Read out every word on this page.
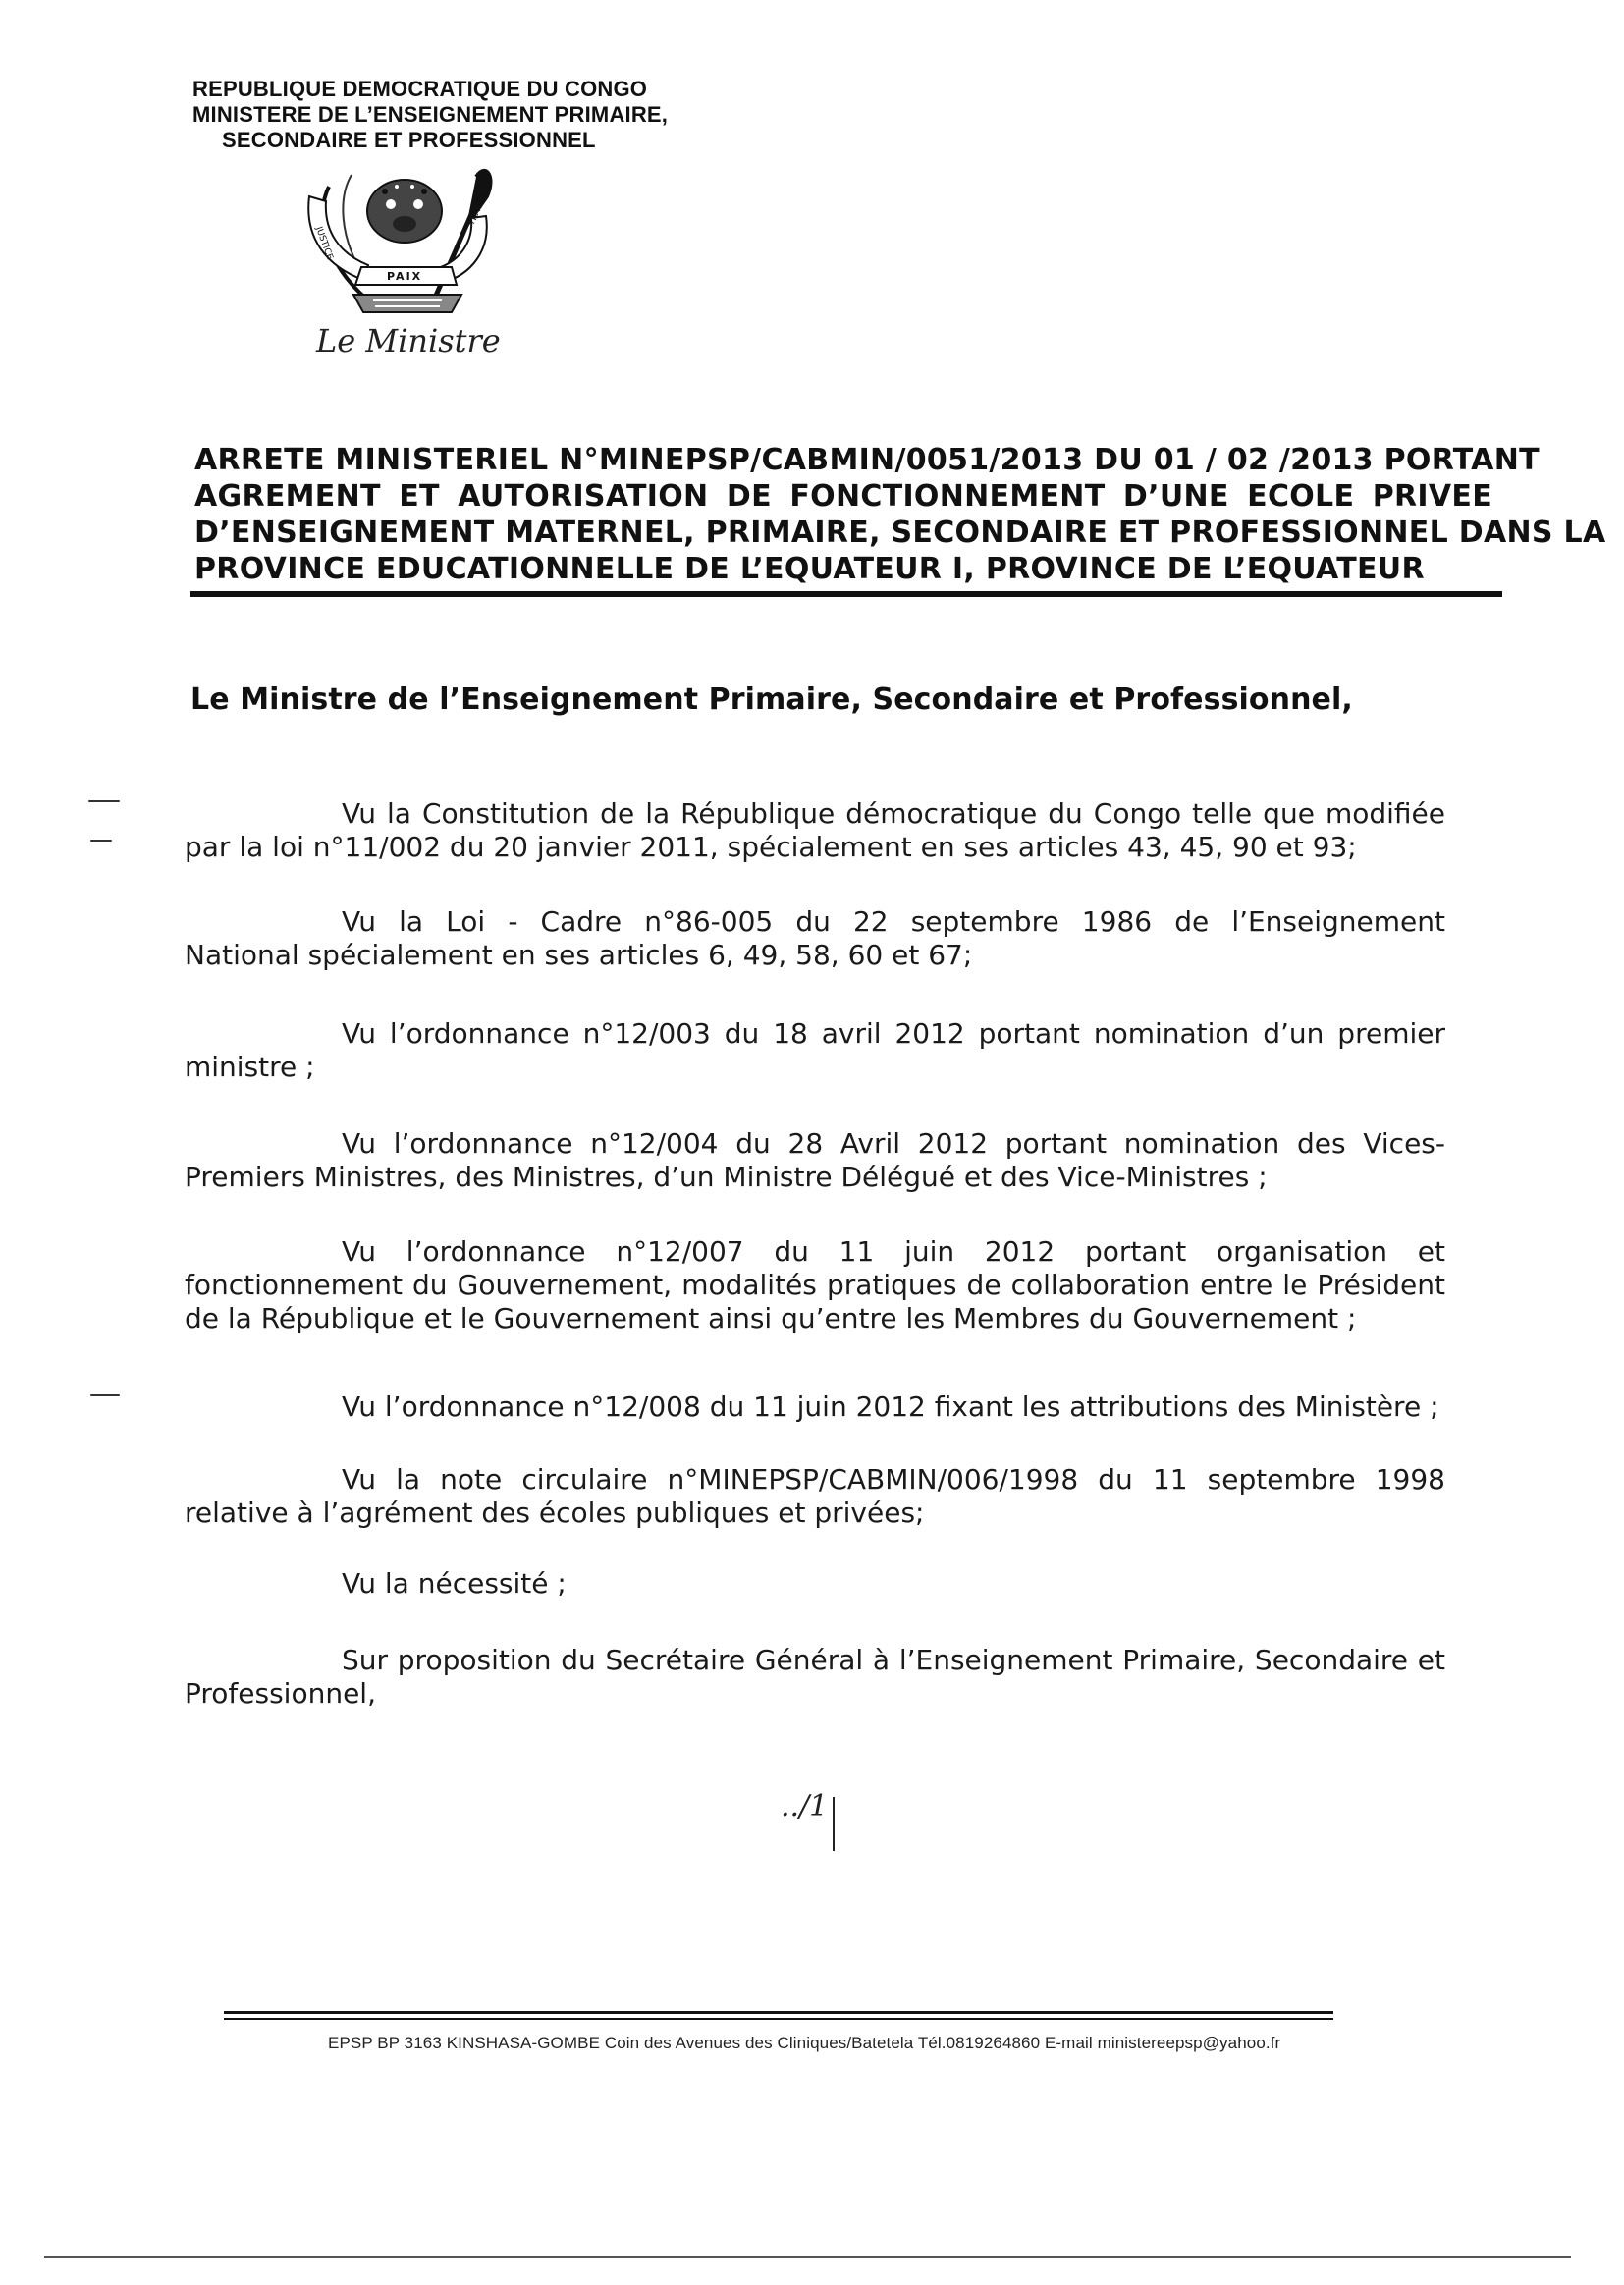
REPUBLIQUE DEMOCRATIQUE DU CONGO
MINISTERE DE L’ENSEIGNEMENT PRIMAIRE,
SECONDAIRE ET PROFESSIONNEL
JUSTICE
PAIX
TRAVAIL
Le Ministre
ARRETE MINISTERIEL N°MINEPSP/CABMIN/0051/2013 DU 01 / 02 /2013 PORTANT
AGREMENT ET AUTORISATION DE FONCTIONNEMENT D’UNE ECOLE PRIVEE
D’ENSEIGNEMENT MATERNEL, PRIMAIRE, SECONDAIRE ET PROFESSIONNEL DANS LA
PROVINCE EDUCATIONNELLE DE L’EQUATEUR I, PROVINCE DE L’EQUATEUR
Le Ministre de l’Enseignement Primaire, Secondaire et Professionnel,
Vu la Constitution de la République démocratique du Congo telle que modifiée
par la loi n°11/002 du 20 janvier 2011, spécialement en ses articles 43, 45, 90 et 93;
Vu la Loi - Cadre n°86-005 du 22 septembre 1986 de l’Enseignement
National spécialement en ses articles 6, 49, 58, 60 et 67;
Vu l’ordonnance n°12/003 du 18 avril 2012 portant nomination d’un premier
ministre ;
Vu l’ordonnance n°12/004 du 28 Avril 2012 portant nomination des Vices-
Premiers Ministres, des Ministres, d’un Ministre Délégué et des Vice-Ministres ;
Vu l’ordonnance n°12/007 du 11 juin 2012 portant organisation et
fonctionnement du Gouvernement, modalités pratiques de collaboration entre le Président
de la République et le Gouvernement ainsi qu’entre les Membres du Gouvernement ;
Vu l’ordonnance n°12/008 du 11 juin 2012 fixant les attributions des Ministère ;
Vu la note circulaire n°MINEPSP/CABMIN/006/1998 du 11 septembre 1998
relative à l’agrément des écoles publiques et privées;
Vu la nécessité ;
Sur proposition du Secrétaire Général à l’Enseignement Primaire, Secondaire et
Professionnel,
../1
EPSP BP 3163 KINSHASA-GOMBE Coin des Avenues des Cliniques/Batetela Tél.0819264860 E-mail ministereepsp@yahoo.fr
